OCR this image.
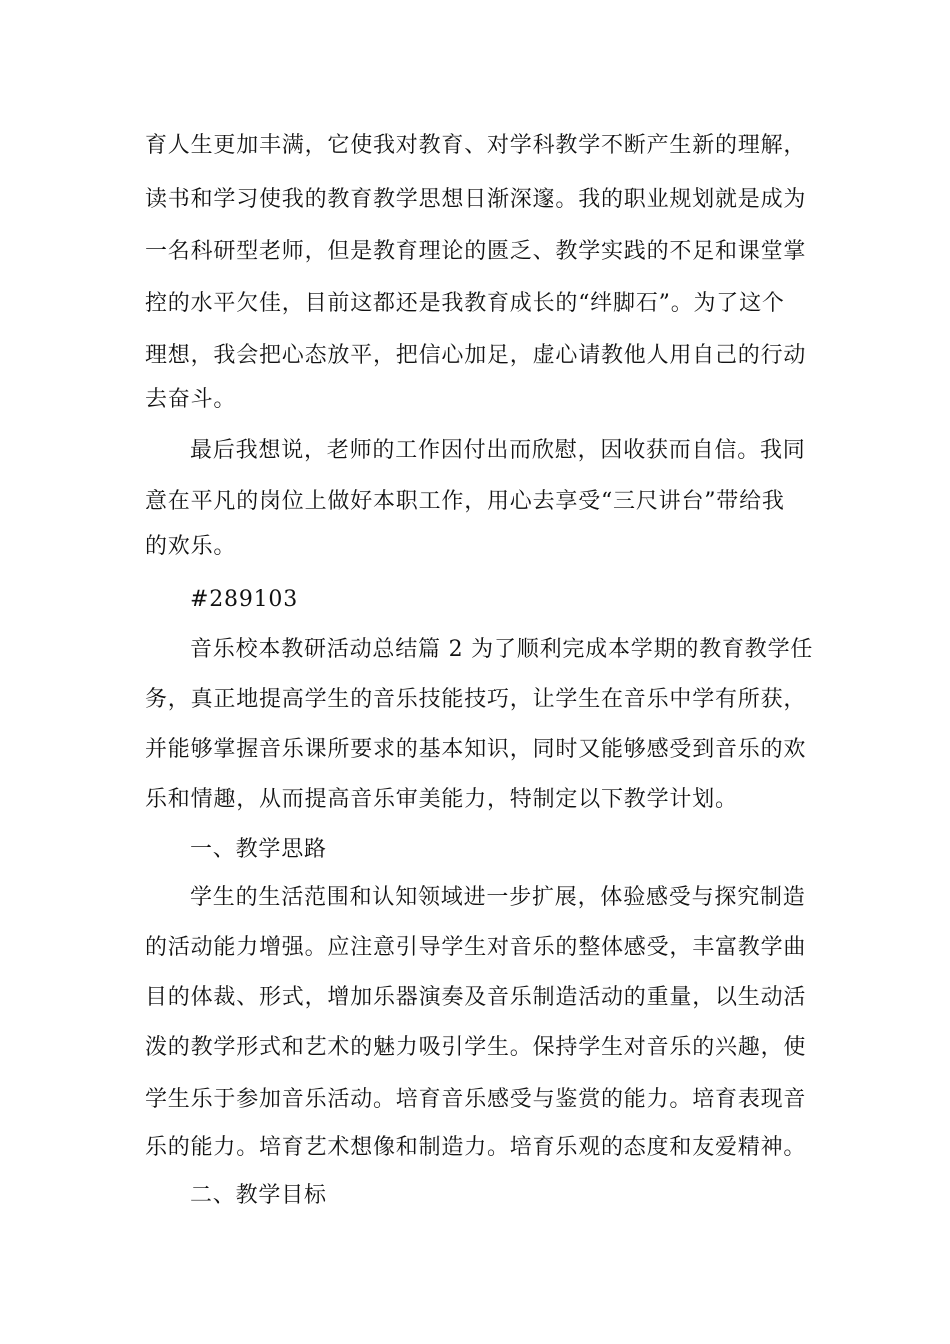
育人生更加丰满，它使我对教育、对学科教学不断产生新的理解，
读书和学习使我的教育教学思想日渐深邃。我的职业规划就是成为
一名科研型老师，但是教育理论的匮乏、教学实践的不足和课堂掌
控的水平欠佳，目前这都还是我教育成长的“绊脚石”。为了这个
理想，我会把心态放平，把信心加足，虚心请教他人用自己的行动
去奋斗。
最后我想说，老师的工作因付出而欣慰，因收获而自信。我同
意在平凡的岗位上做好本职工作，用心去享受“三尺讲台”带给我
的欢乐。
#289103
音乐校本教研活动总结篇 2 为了顺利完成本学期的教育教学任
务，真正地提高学生的音乐技能技巧，让学生在音乐中学有所获，
并能够掌握音乐课所要求的基本知识，同时又能够感受到音乐的欢
乐和情趣，从而提高音乐审美能力，特制定以下教学计划。
一、教学思路
学生的生活范围和认知领域进一步扩展，体验感受与探究制造
的活动能力增强。应注意引导学生对音乐的整体感受，丰富教学曲
目的体裁、形式，增加乐器演奏及音乐制造活动的重量，以生动活
泼的教学形式和艺术的魅力吸引学生。保持学生对音乐的兴趣，使
学生乐于参加音乐活动。培育音乐感受与鉴赏的能力。培育表现音
乐的能力。培育艺术想像和制造力。培育乐观的态度和友爱精神。
二、教学目标
